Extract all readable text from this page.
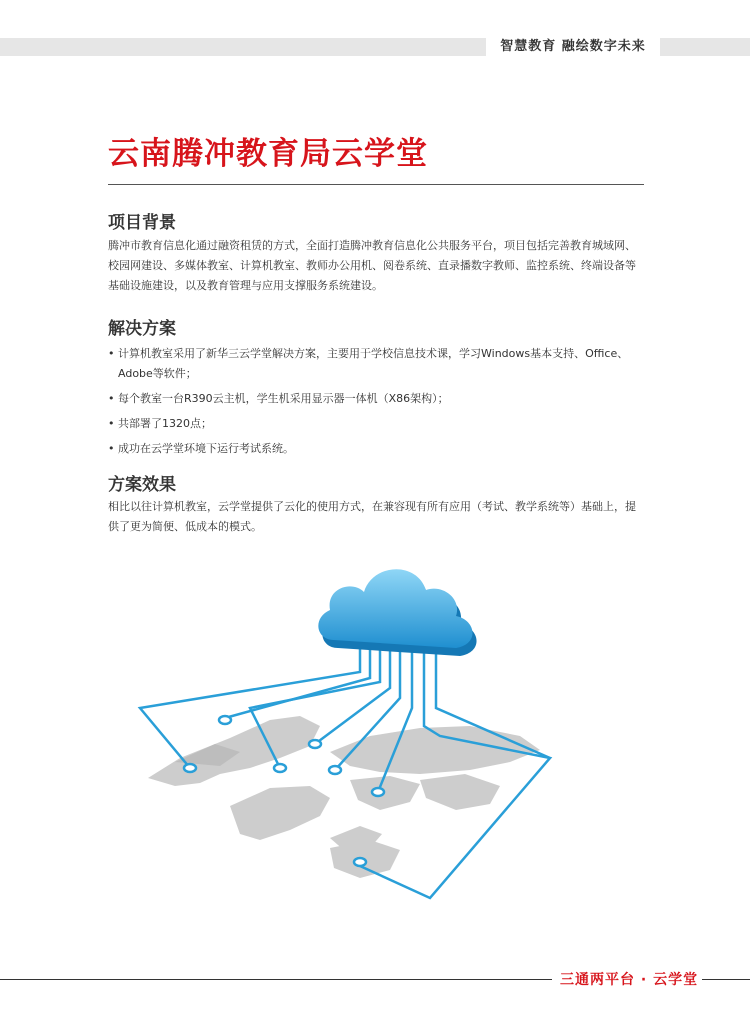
智慧教育 融绘数字未来
云南腾冲教育局云学堂
项目背景

腾冲市教育信息化通过融资租赁的方式，全面打造腾冲教育信息化公共服务平台，项目包括完善教育城域网、校园网建设、多媒体教室、计算机教室、教师办公用机、阅卷系统、直录播数字教师、监控系统、终端设备等基础设施建设，以及教育管理与应用支撑服务系统建设。

解决方案
• 计算机教室采用了新华三云学堂解决方案，主要用于学校信息技术课，学习Windows基本支持、Office、Adobe等软件；
• 每个教室一台R390云主机，学生机采用显示器一体机（X86架构）；
• 共部署了1320点；
• 成功在云学堂环境下运行考试系统。
方案效果

相比以往计算机教室，云学堂提供了云化的使用方式，在兼容现有所有应用（考试、教学系统等）基础上，提供了更为简便、低成本的模式。

三通两平台 · 云学堂
